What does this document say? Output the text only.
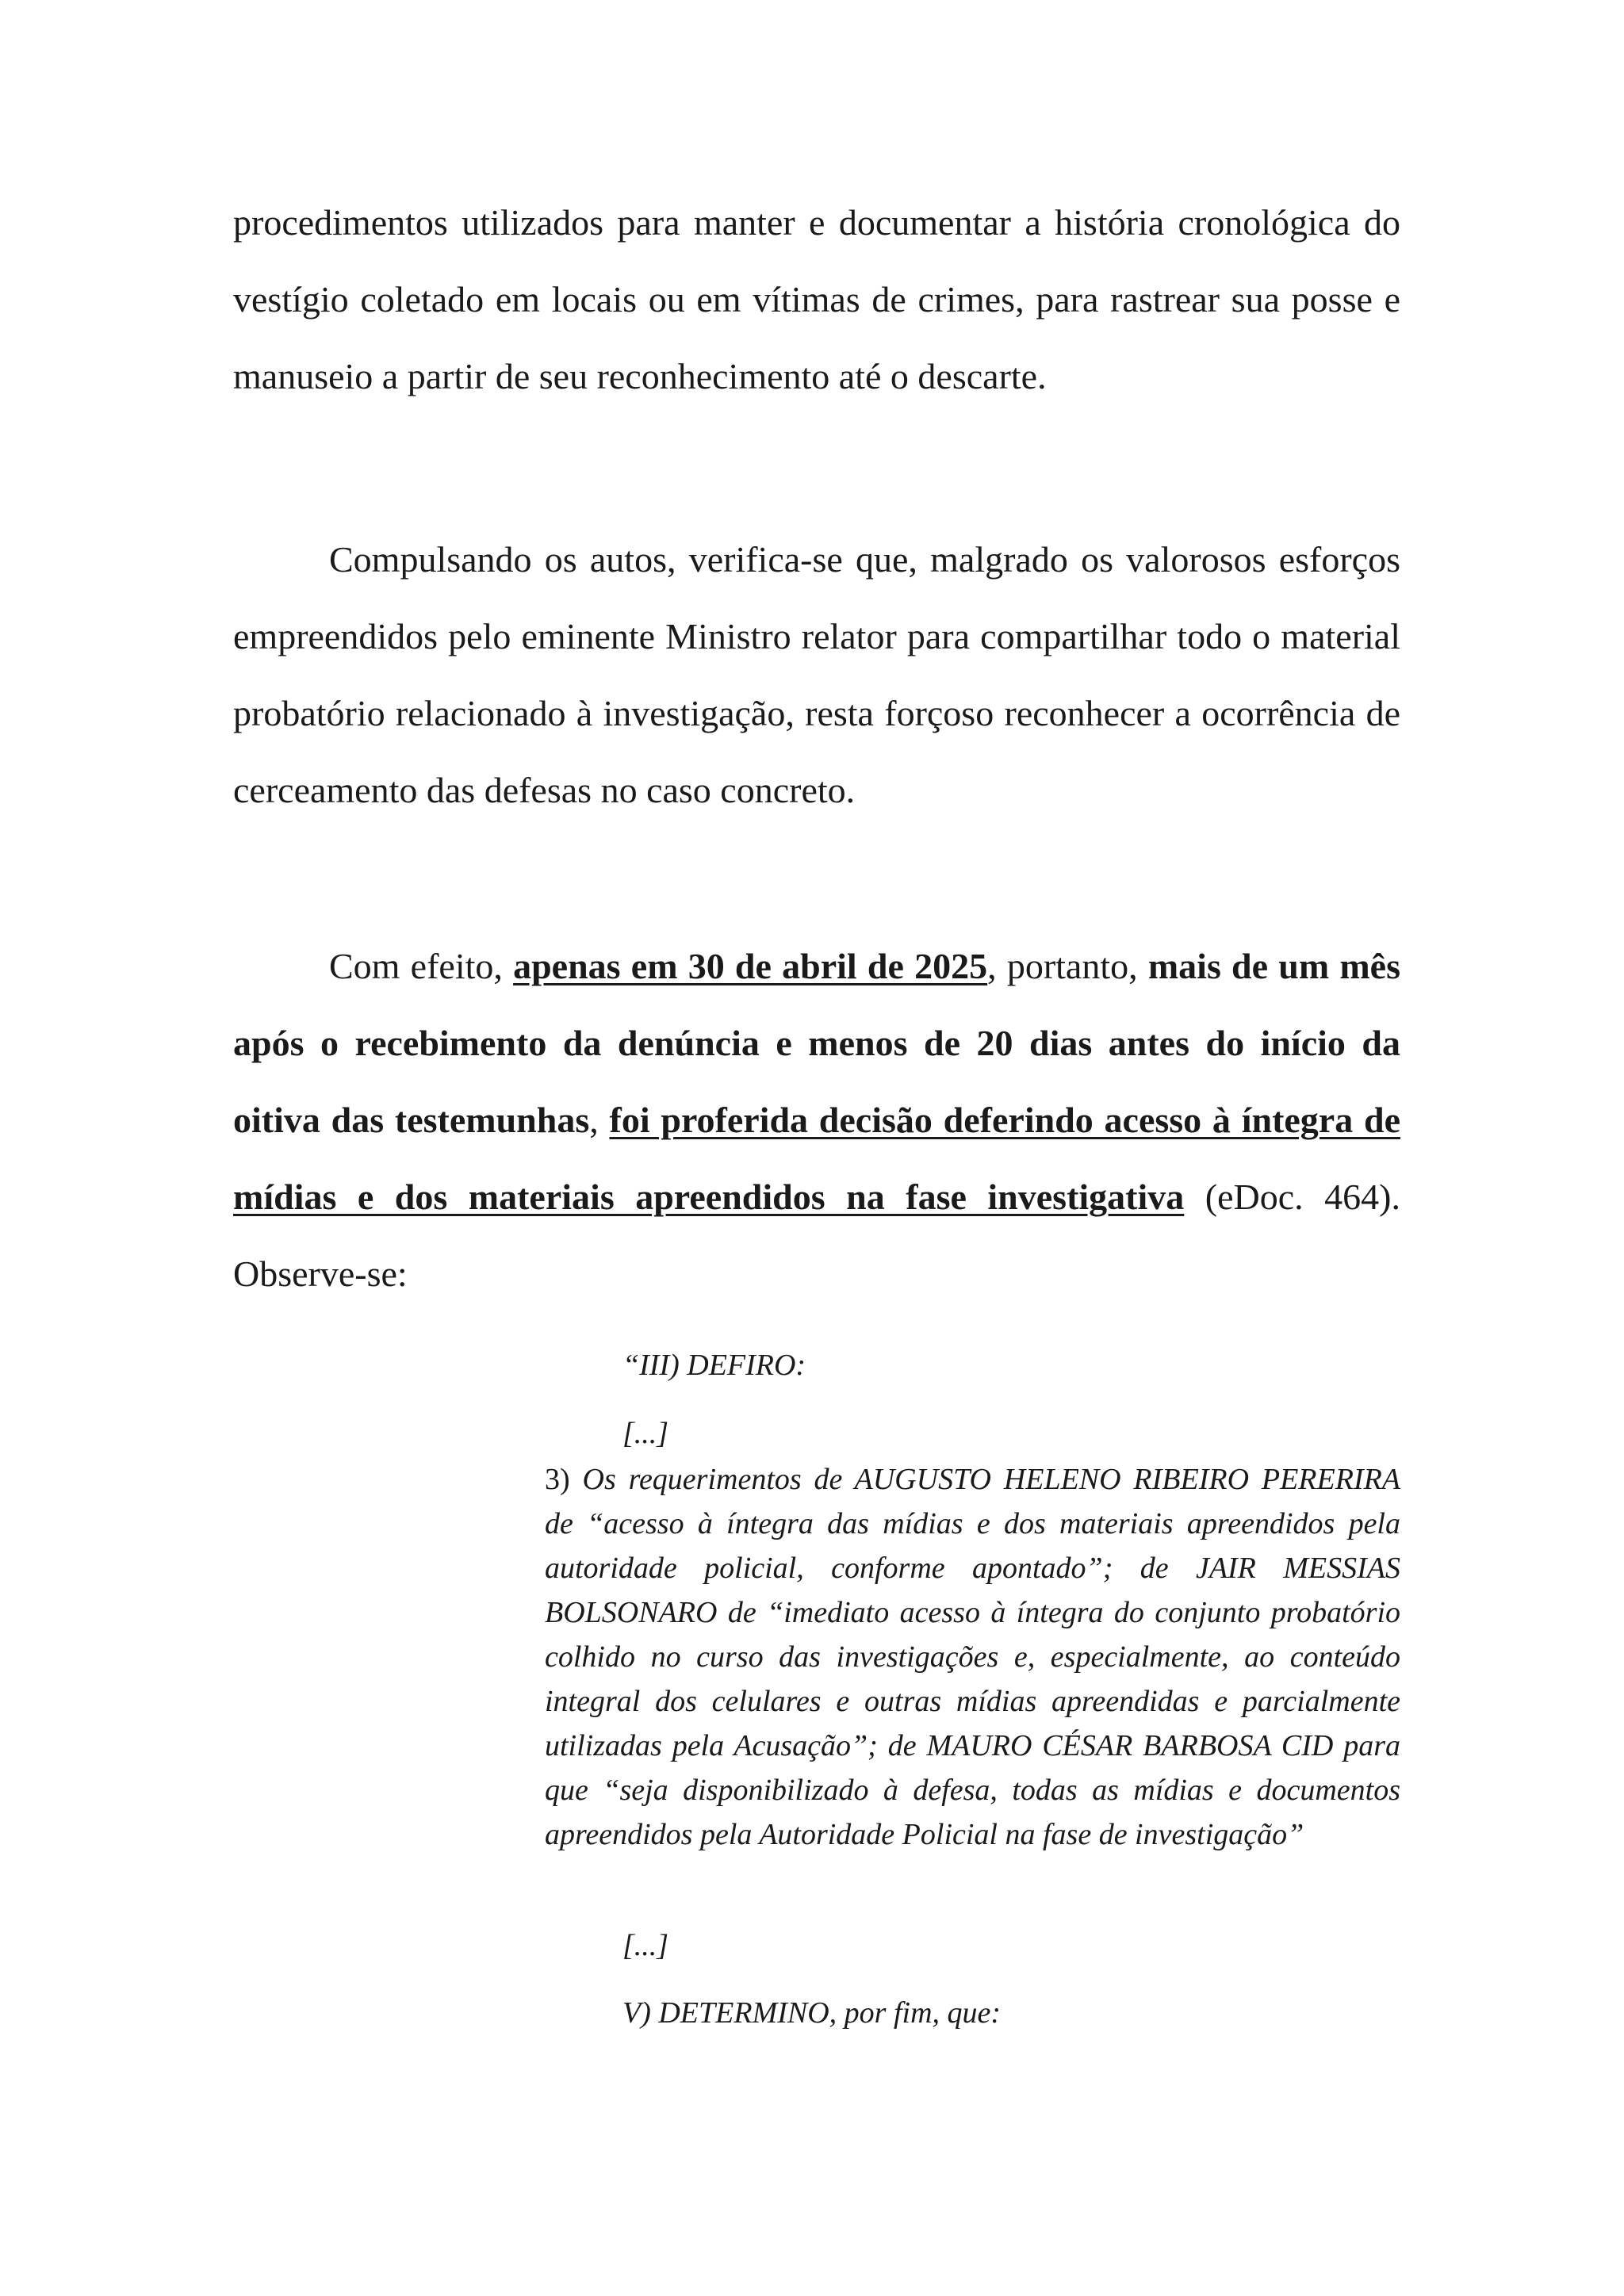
procedimentos utilizados para manter e documentar a história cronológica do vestígio coletado em locais ou em vítimas de crimes, para rastrear sua posse e manuseio a partir de seu reconhecimento até o descarte.

Compulsando os autos, verifica-se que, malgrado os valorosos esforços empreendidos pelo eminente Ministro relator para compartilhar todo o material probatório relacionado à investigação, resta forçoso reconhecer a ocorrência de cerceamento das defesas no caso concreto.

Com efeito, apenas em 30 de abril de 2025, portanto, mais de um mês após o recebimento da denúncia e menos de 20 dias antes do início da oitiva das testemunhas, foi proferida decisão deferindo acesso à íntegra de mídias e dos materiais apreendidos na fase investigativa (eDoc. 464). Observe-se:

“III) DEFIRO:

[...]

3) Os requerimentos de AUGUSTO HELENO RIBEIRO PERERIRA de “acesso à íntegra das mídias e dos materiais apreendidos pela autoridade policial, conforme apontado”; de JAIR MESSIAS BOLSONARO de “imediato acesso à íntegra do conjunto probatório colhido no curso das investigações e, especialmente, ao conteúdo integral dos celulares e outras mídias apreendidas e parcialmente utilizadas pela Acusação”; de MAURO CÉSAR BARBOSA CID para que “seja disponibilizado à defesa, todas as mídias e documentos apreendidos pela Autoridade Policial na fase de investigação”

[...]

V) DETERMINO, por fim, que:
